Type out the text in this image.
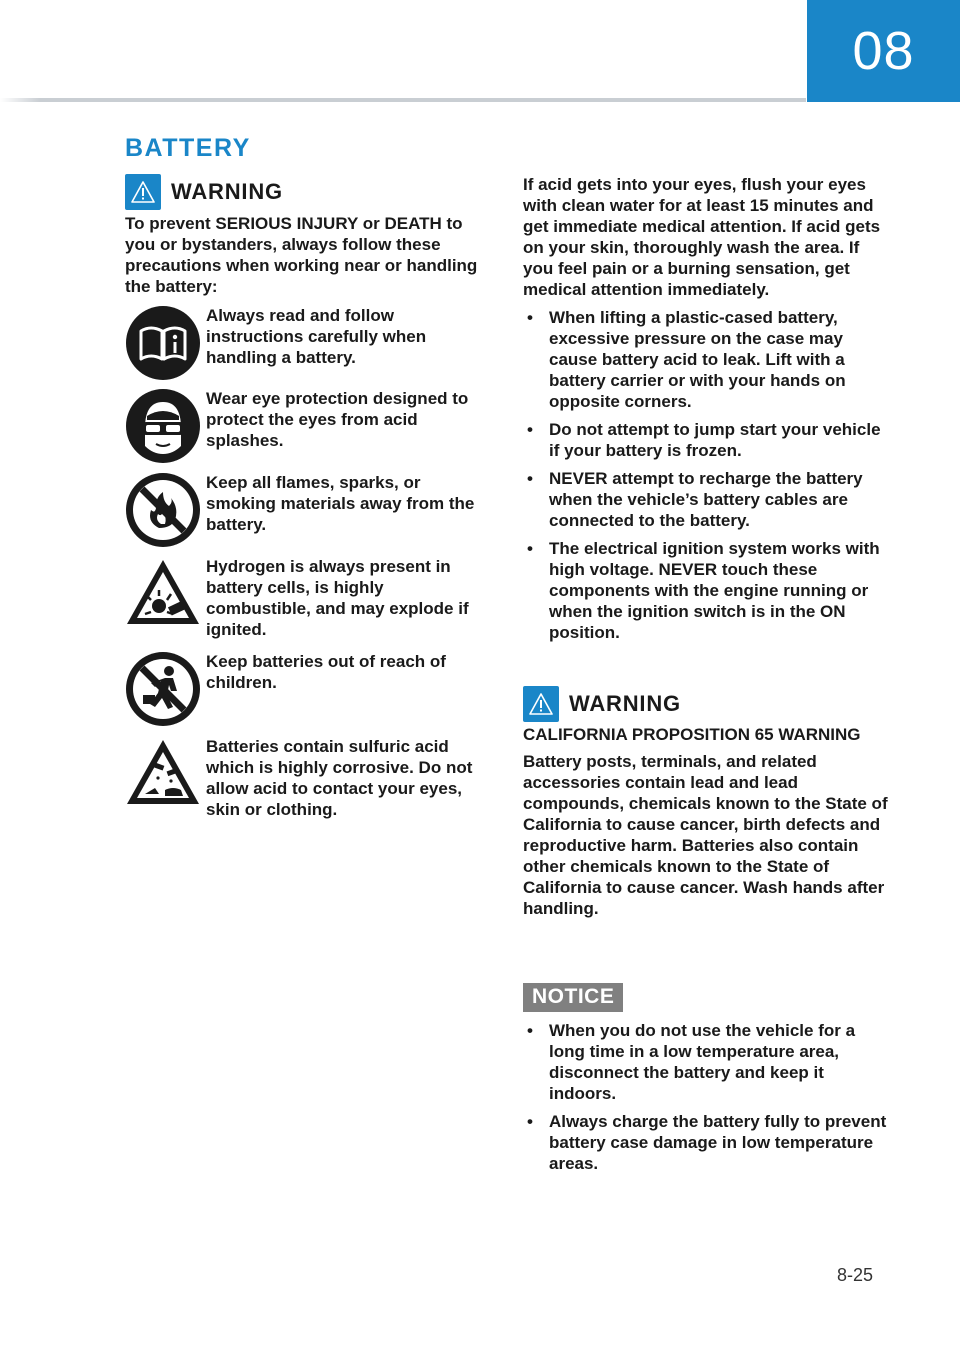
08
BATTERY
WARNING

To prevent SERIOUS INJURY or DEATH to you or bystanders, always follow these precautions when working near or handling the battery:

Always read and follow instructions carefully when handling a battery.
Wear eye protection designed to protect the eyes from acid splashes.
Keep all flames, sparks, or smoking materials away from the battery.
Hydrogen is always present in battery cells, is highly combustible, and may explode if ignited.
Keep batteries out of reach of children.
Batteries contain sulfuric acid which is highly corrosive. Do not allow acid to contact your eyes, skin or clothing.

If acid gets into your eyes, flush your eyes with clean water for at least 15 minutes and get immediate medical attention. If acid gets on your skin, thoroughly wash the area. If you feel pain or a burning sensation, get medical attention immediately.

• When lifting a plastic-cased battery, excessive pressure on the case may cause battery acid to leak. Lift with a battery carrier or with your hands on opposite corners.
• Do not attempt to jump start your vehicle if your battery is frozen.
• NEVER attempt to recharge the battery when the vehicle’s battery cables are connected to the battery.
• The electrical ignition system works with high voltage. NEVER touch these components with the engine running or when the ignition switch is in the ON position.
WARNING

CALIFORNIA PROPOSITION 65 WARNING

Battery posts, terminals, and related accessories contain lead and lead compounds, chemicals known to the State of California to cause cancer, birth defects and reproductive harm. Batteries also contain other chemicals known to the State of California to cause cancer. Wash hands after handling.

NOTICE
• When you do not use the vehicle for a long time in a low temperature area, disconnect the battery and keep it indoors.
• Always charge the battery fully to prevent battery case damage in low temperature areas.
8-25
